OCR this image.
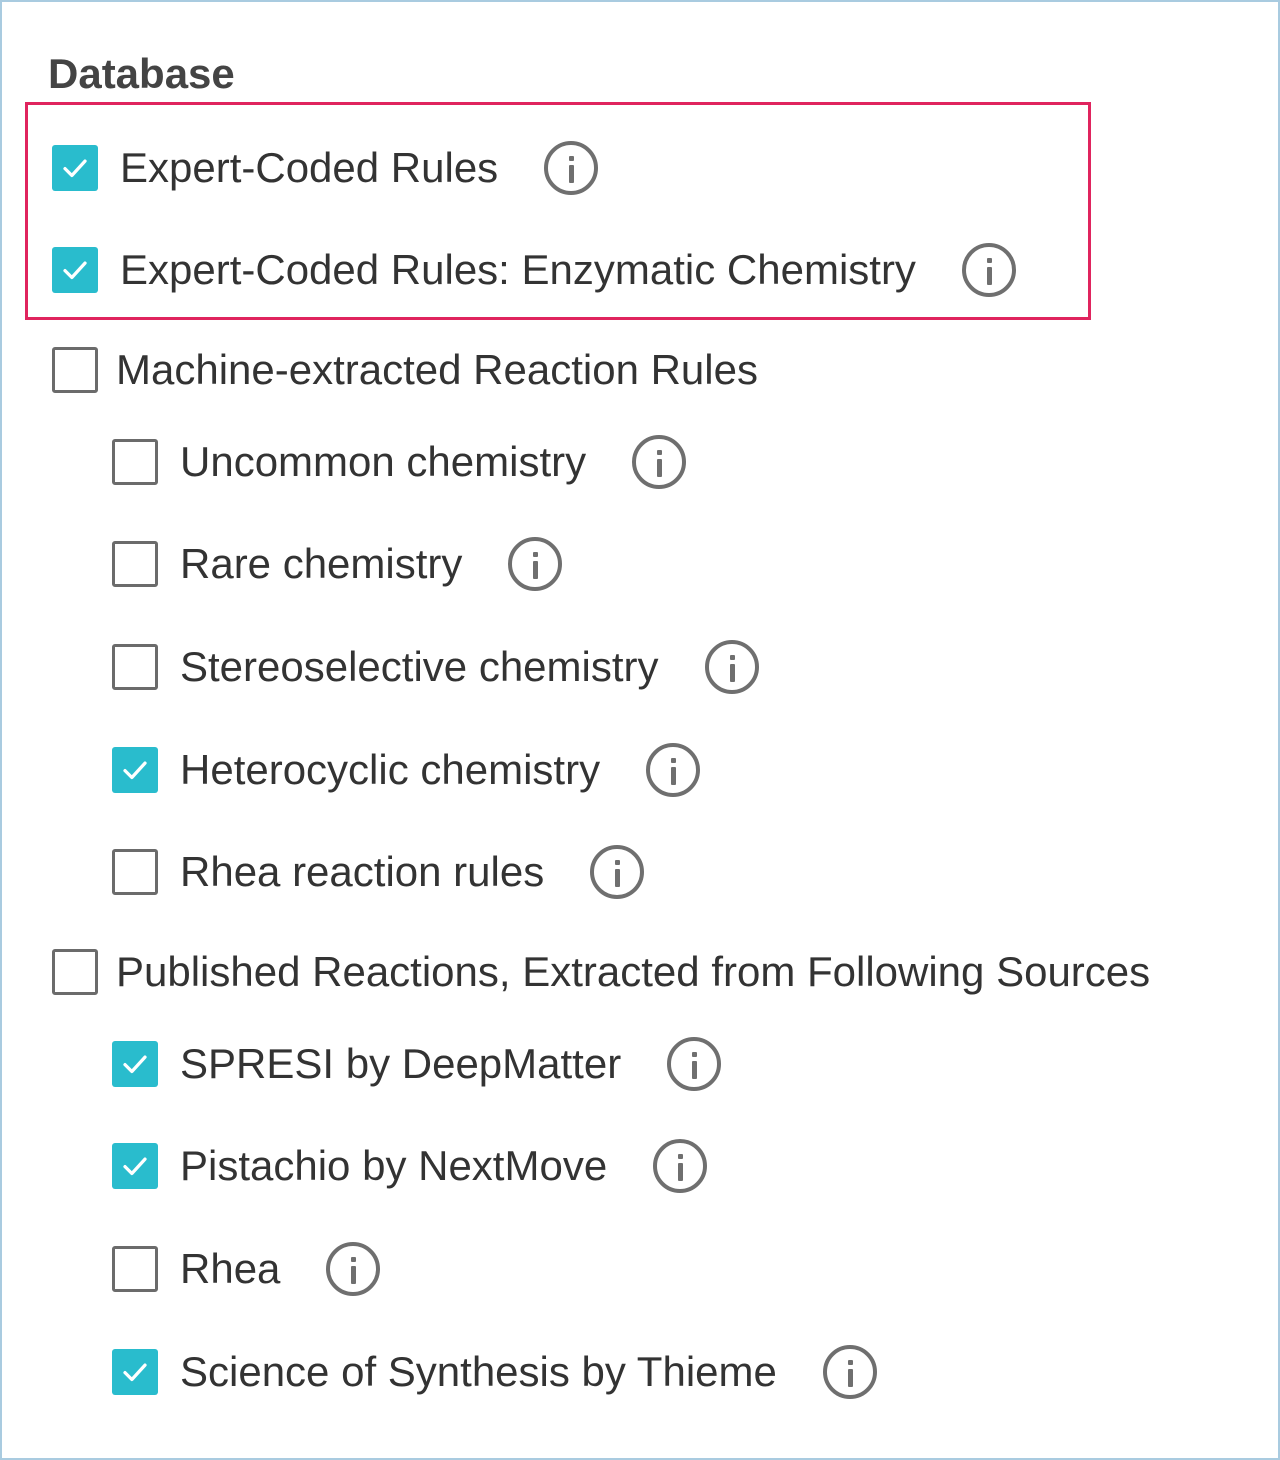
Database
Expert-Coded Rules
Expert-Coded Rules: Enzymatic Chemistry
Machine-extracted Reaction Rules
Uncommon chemistry
Rare chemistry
Stereoselective chemistry
Heterocyclic chemistry
Rhea reaction rules
Published Reactions, Extracted from Following Sources
SPRESI by DeepMatter
Pistachio by NextMove
Rhea
Science of Synthesis by Thieme
